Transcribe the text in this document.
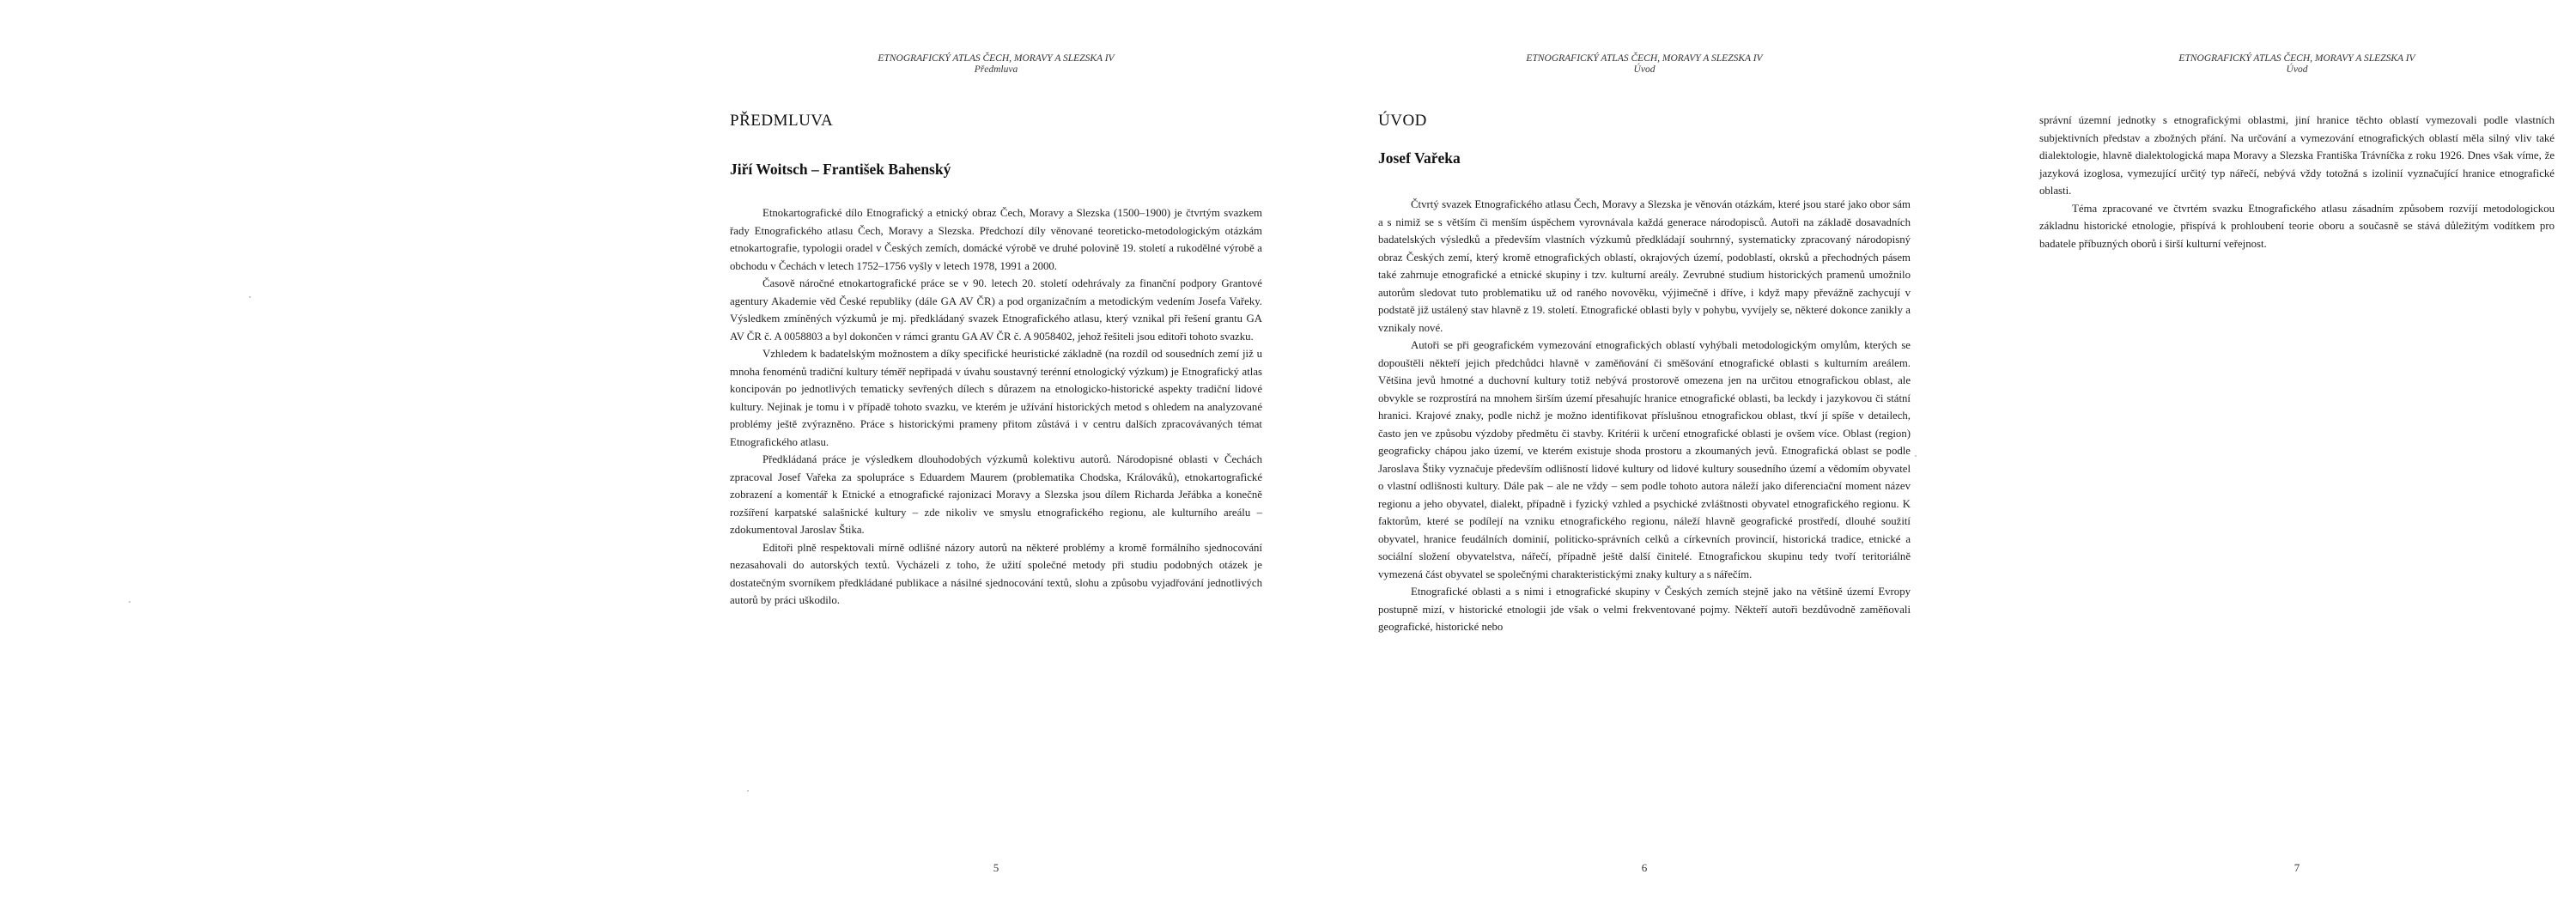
ETNOGRAFICKÝ ATLAS ČECH, MORAVY A SLEZSKA IV
Předmluva
PŘEDMLUVA
Jiří Woitsch – František Bahenský

Etnokartografické dílo Etnografický a etnický obraz Čech, Moravy a Slezska (1500–1900) je čtvrtým svazkem řady Etnografického atlasu Čech, Moravy a Slezska. Předchozí díly věnované teoreticko-metodologickým otázkám etnokartografie, typologii oradel v Českých zemích, domácké výrobě ve druhé polovině 19. století a rukodělné výrobě a obchodu v Čechách v letech 1752–1756 vyšly v letech 1978, 1991 a 2000.

Časově náročné etnokartografické práce se v 90. letech 20. století odehrávaly za finanční podpory Grantové agentury Akademie věd České republiky (dále GA AV ČR) a pod organizačním a metodickým vedením Josefa Vařeky. Výsledkem zmíněných výzkumů je mj. předkládaný svazek Etnografického atlasu, který vznikal při řešení grantu GA AV ČR č. A 0058803 a byl dokončen v rámci grantu GA AV ČR č. A 9058402, jehož řešiteli jsou editoři tohoto svazku.

Vzhledem k badatelským možnostem a díky specifické heuristické základně (na rozdíl od sousedních zemí již u mnoha fenoménů tradiční kultury téměř nepřipadá v úvahu soustavný terénní etnologický výzkum) je Etnografický atlas koncipován po jednotlivých tematicky sevřených dílech s důrazem na etnologicko-historické aspekty tradiční lidové kultury. Nejinak je tomu i v případě tohoto svazku, ve kterém je užívání historických metod s ohledem na analyzované problémy ještě zvýrazněno. Práce s historickými prameny přitom zůstává i v centru dalších zpracovávaných témat Etnografického atlasu.

Předkládaná práce je výsledkem dlouhodobých výzkumů kolektivu autorů. Národopisné oblasti v Čechách zpracoval Josef Vařeka za spolupráce s Eduardem Maurem (problematika Chodska, Králováků), etnokartografické zobrazení a komentář k Etnické a etnografické rajonizaci Moravy a Slezska jsou dílem Richarda Jeřábka a konečně rozšíření karpatské salašnické kultury – zde nikoliv ve smyslu etnografického regionu, ale kulturního areálu – zdokumentoval Jaroslav Štika.

Editoři plně respektovali mírně odlišné názory autorů na některé problémy a kromě formálního sjednocování nezasahovali do autorských textů. Vycházeli z toho, že užití společné metody při studiu podobných otázek je dostatečným svorníkem předkládané publikace a násilné sjednocování textů, slohu a způsobu vyjadřování jednotlivých autorů by práci uškodilo.

5
ETNOGRAFICKÝ ATLAS ČECH, MORAVY A SLEZSKA IV
Úvod
ÚVOD
Josef Vařeka

Čtvrtý svazek Etnografického atlasu Čech, Moravy a Slezska je věnován otázkám, které jsou staré jako obor sám a s nimiž se s větším či menším úspěchem vyrovnávala každá generace národopisců. Autoři na základě dosavadních badatelských výsledků a především vlastních výzkumů předkládají souhrnný, systematicky zpracovaný národopisný obraz Českých zemí, který kromě etnografických oblastí, okrajových území, podoblastí, okrsků a přechodných pásem také zahrnuje etnografické a etnické skupiny i tzv. kulturní areály. Zevrubné studium historických pramenů umožnilo autorům sledovat tuto problematiku už od raného novověku, výjimečně i dříve, i když mapy převážně zachycují v podstatě již ustálený stav hlavně z 19. století. Etnografické oblasti byly v pohybu, vyvíjely se, některé dokonce zanikly a vznikaly nové.

Autoři se při geografickém vymezování etnografických oblastí vyhýbali metodologickým omylům, kterých se dopouštěli někteří jejich předchůdci hlavně v zaměňování či směšování etnografické oblasti s kulturním areálem. Většina jevů hmotné a duchovní kultury totiž nebývá prostorově omezena jen na určitou etnografickou oblast, ale obvykle se rozprostírá na mnohem širším území přesahujíc hranice etnografické oblasti, ba leckdy i jazykovou či státní hranici. Krajové znaky, podle nichž je možno identifikovat příslušnou etnografickou oblast, tkví jí spíše v detailech, často jen ve způsobu výzdoby předmětu či stavby. Kritérii k určení etnografické oblasti je ovšem více. Oblast (region) geograficky chápou jako území, ve kterém existuje shoda prostoru a zkoumaných jevů. Etnografická oblast se podle Jaroslava Štiky vyznačuje především odlišností lidové kultury od lidové kultury sousedního území a vědomím obyvatel o vlastní odlišnosti kultury. Dále pak – ale ne vždy – sem podle tohoto autora náleží jako diferenciační moment název regionu a jeho obyvatel, dialekt, případně i fyzický vzhled a psychické zvláštnosti obyvatel etnografického regionu. K faktorům, které se podílejí na vzniku etnografického regionu, náleží hlavně geografické prostředí, dlouhé soužití obyvatel, hranice feudálních dominií, politicko-správních celků a církevních provincií, historická tradice, etnické a sociální složení obyvatelstva, nářečí, případně ještě další činitelé. Etnografickou skupinu tedy tvoří teritoriálně vymezená část obyvatel se společnými charakteristickými znaky kultury a s nářečím.

Etnografické oblasti a s nimi i etnografické skupiny v Českých zemích stejně jako na většině území Evropy postupně mizí, v historické etnologii jde však o velmi frekventované pojmy. Někteří autoři bezdůvodně zaměňovali geografické, historické nebo

6
ETNOGRAFICKÝ ATLAS ČECH, MORAVY A SLEZSKA IV
Úvod

správní územní jednotky s etnografickými oblastmi, jiní hranice těchto oblastí vymezovali podle vlastních subjektivních představ a zbožných přání. Na určování a vymezování etnografických oblastí měla silný vliv také dialektologie, hlavně dialektologická mapa Moravy a Slezska Františka Trávníčka z roku 1926. Dnes však víme, že jazyková izoglosa, vymezující určitý typ nářečí, nebývá vždy totožná s izolinií vyznačující hranice etnografické oblasti.

Téma zpracované ve čtvrtém svazku Etnografického atlasu zásadním způsobem rozvíjí metodologickou základnu historické etnologie, přispívá k prohloubení teorie oboru a současně se stává důležitým vodítkem pro badatele příbuzných oborů i širší kulturní veřejnost.

7
